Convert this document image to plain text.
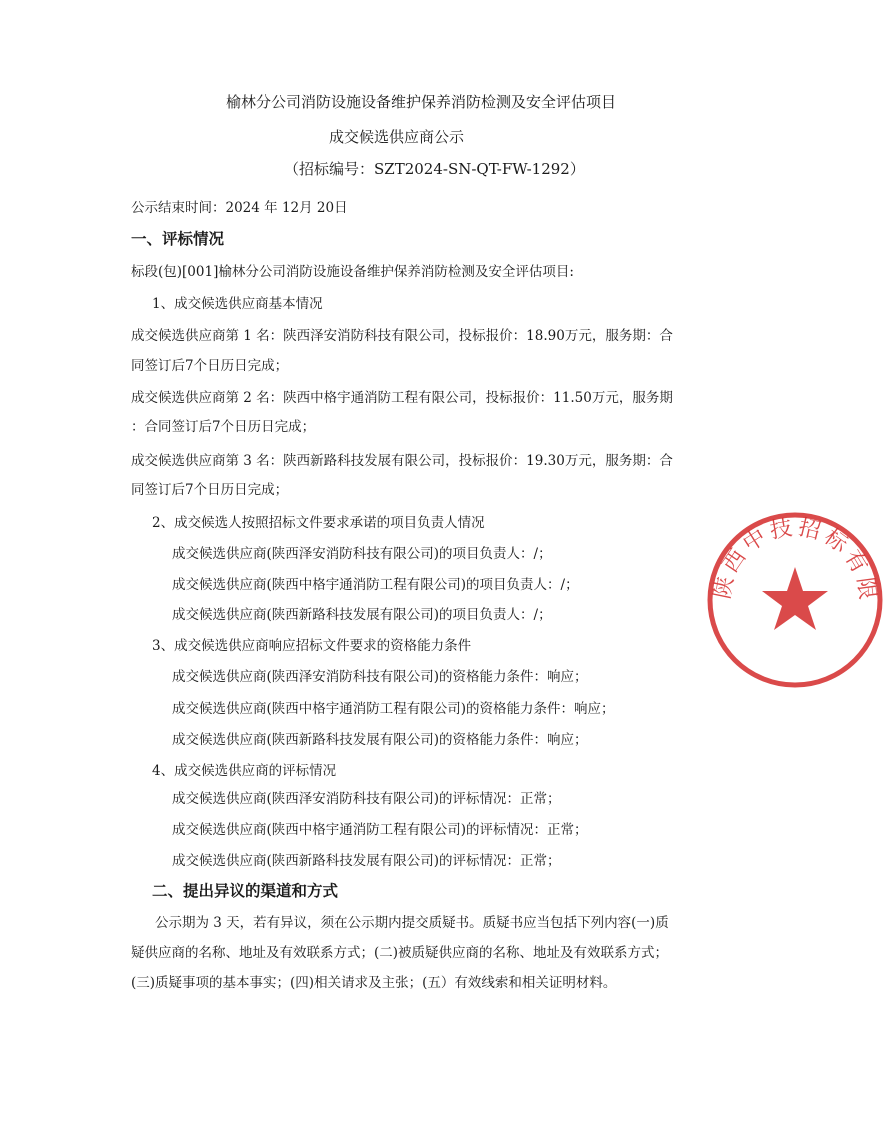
榆林分公司消防设施设备维护保养消防检测及安全评估项目
成交候选供应商公示
（招标编号：SZT2024-SN-QT-FW-1292）
公示结束时间：2024 年 12月 20日
一、评标情况
标段(包)[001]榆林分公司消防设施设备维护保养消防检测及安全评估项目:
1、成交候选供应商基本情况
成交候选供应商第 1 名：陕西泽安消防科技有限公司，投标报价：18.90万元，服务期：合
同签订后7个日历日完成；
成交候选供应商第 2 名：陕西中格宇通消防工程有限公司，投标报价：11.50万元，服务期
：合同签订后7个日历日完成；
成交候选供应商第 3 名：陕西新路科技发展有限公司，投标报价：19.30万元，服务期：合
同签订后7个日历日完成；
2、成交候选人按照招标文件要求承诺的项目负责人情况
成交候选供应商(陕西泽安消防科技有限公司)的项目负责人：/；
成交候选供应商(陕西中格宇通消防工程有限公司)的项目负责人：/；
成交候选供应商(陕西新路科技发展有限公司)的项目负责人：/；
3、成交候选供应商响应招标文件要求的资格能力条件
成交候选供应商(陕西泽安消防科技有限公司)的资格能力条件：响应；
成交候选供应商(陕西中格宇通消防工程有限公司)的资格能力条件：响应；
成交候选供应商(陕西新路科技发展有限公司)的资格能力条件：响应；
4、成交候选供应商的评标情况
成交候选供应商(陕西泽安消防科技有限公司)的评标情况：正常；
成交候选供应商(陕西中格宇通消防工程有限公司)的评标情况：正常；
成交候选供应商(陕西新路科技发展有限公司)的评标情况：正常；
二、提出异议的渠道和方式
公示期为 3 天，若有异议，须在公示期内提交质疑书。质疑书应当包括下列内容(一)质
疑供应商的名称、地址及有效联系方式；(二)被质疑供应商的名称、地址及有效联系方式；
(三)质疑事项的基本事实；(四)相关请求及主张；(五）有效线索和相关证明材料。
陕西中技招标有限公司
